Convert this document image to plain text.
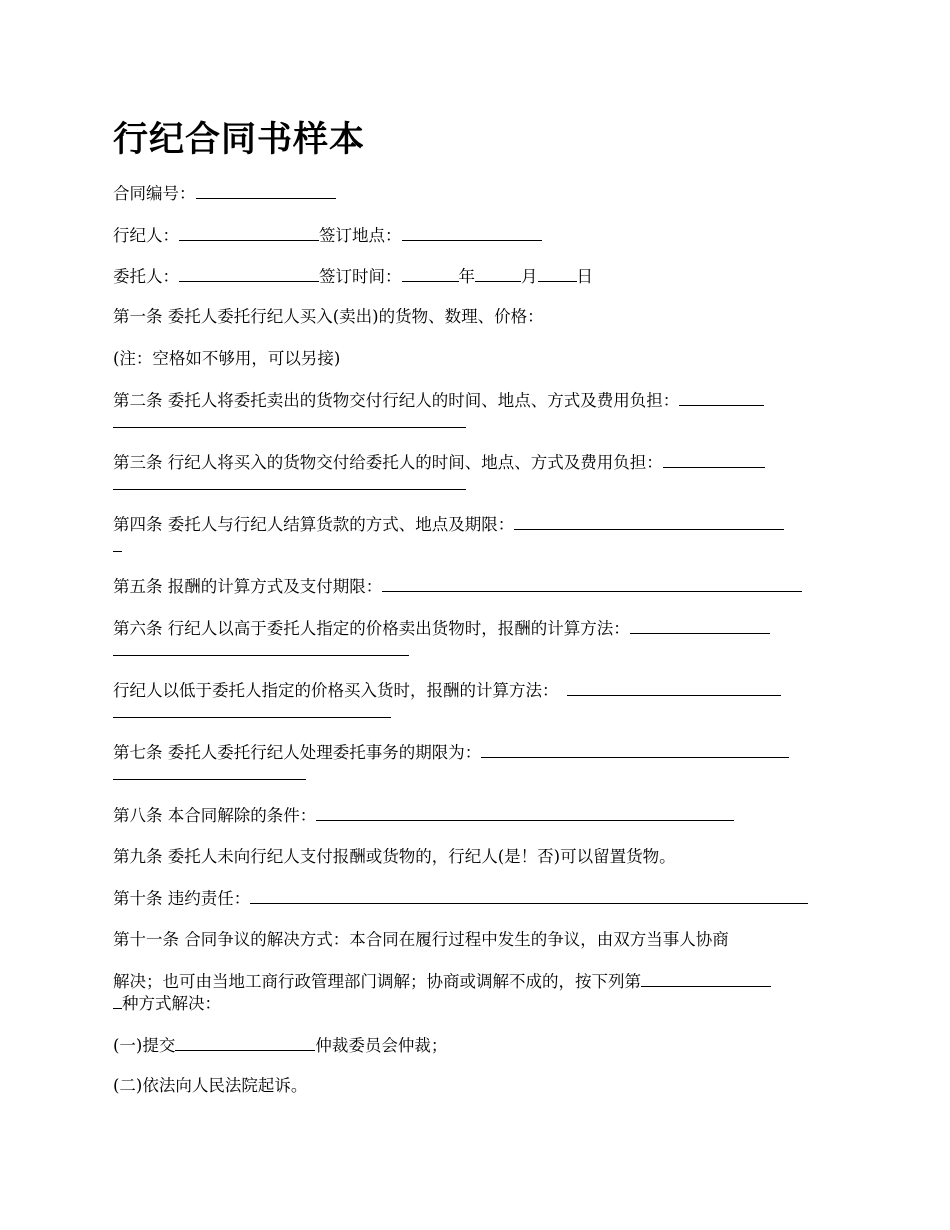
行纪合同书样本
合同编号：
行纪人：	签订地点：
委托人：	签订时间：	年	月 日
第一条 委托人委托行纪人买入(卖出)的货物、数理、价格：
(注：空格如不够用，可以另接)
第二条 委托人将委托卖出的货物交付行纪人的时间、地点、方式及费用负担：
第三条 行纪人将买入的货物交付给委托人的时间、地点、方式及费用负担：
第四条 委托人与行纪人结算货款的方式、地点及期限：
第五条 报酬的计算方式及支付期限：
第六条 行纪人以高于委托人指定的价格卖出货物时，报酬的计算方法：
行纪人以低于委托人指定的价格买入货时，报酬的计算方法：
第七条 委托人委托行纪人处理委托事务的期限为：
第八条 本合同解除的条件：
第九条 委托人未向行纪人支付报酬或货物的，行纪人(是！否)可以留置货物。
第十条 违约责任：
第十一条 合同争议的解决方式：本合同在履行过程中发生的争议，由双方当事人协商
解决；也可由当地工商行政管理部门调解；协商或调解不成的，按下列第
种方式解决：
(一)提交	仲裁委员会仲裁；
(二)依法向人民法院起诉。
